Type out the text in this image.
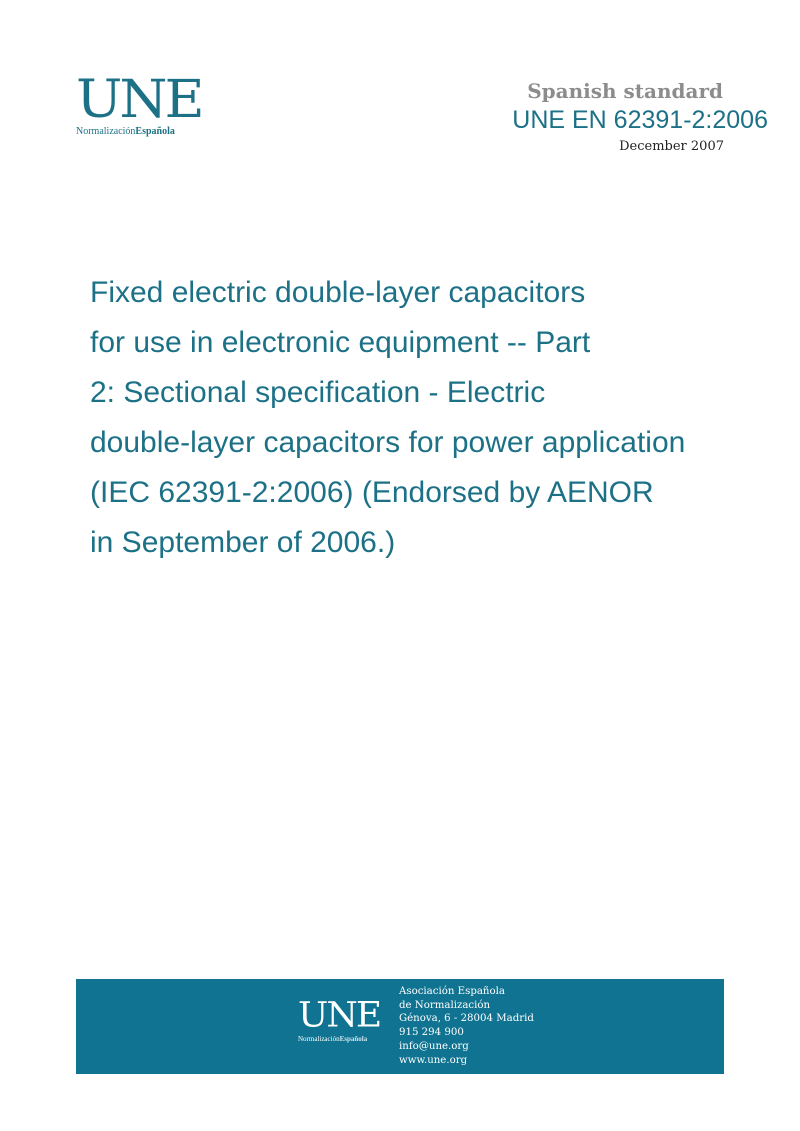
UNE
NormalizaciónEspañola
Spanish standard
UNE EN 62391-2:2006
December 2007
Fixed electric double-layer capacitors
for use in electronic equipment -- Part
2: Sectional specification - Electric
double-layer capacitors for power application
(IEC 62391-2:2006) (Endorsed by AENOR
in September of 2006.)
UNE
NormalizaciónEspañola
Asociación Española
de Normalización
Génova, 6 - 28004 Madrid
915 294 900
info@une.org
www.une.org
